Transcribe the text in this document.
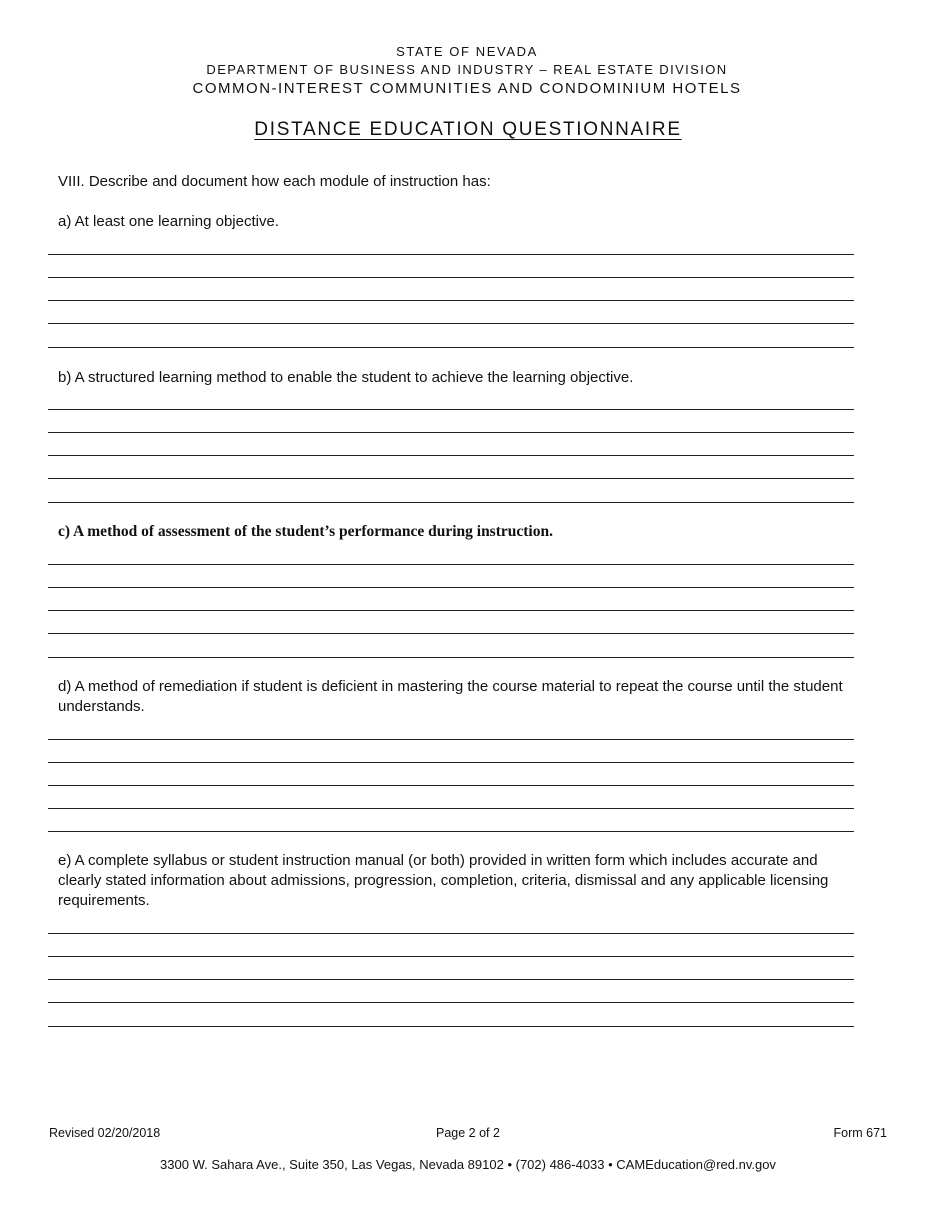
STATE OF NEVADA
DEPARTMENT OF BUSINESS AND INDUSTRY – REAL ESTATE DIVISION
COMMON-INTEREST COMMUNITIES AND CONDOMINIUM HOTELS
DISTANCE EDUCATION QUESTIONNAIRE
VIII. Describe and document how each module of instruction has:
a) At least one learning objective.
b) A structured learning method to enable the student to achieve the learning objective.
c) A method of assessment of the student’s performance during instruction.
d) A method of remediation if student is deficient in mastering the course material to repeat the course until the student understands.
e) A complete syllabus or student instruction manual (or both) provided in written form which includes accurate and clearly stated information about admissions, progression, completion, criteria, dismissal and any applicable licensing requirements.
Revised 02/20/2018	Page 2 of 2	Form 671
3300 W. Sahara Ave., Suite 350, Las Vegas, Nevada 89102 • (702) 486-4033 • CAMEducation@red.nv.gov
